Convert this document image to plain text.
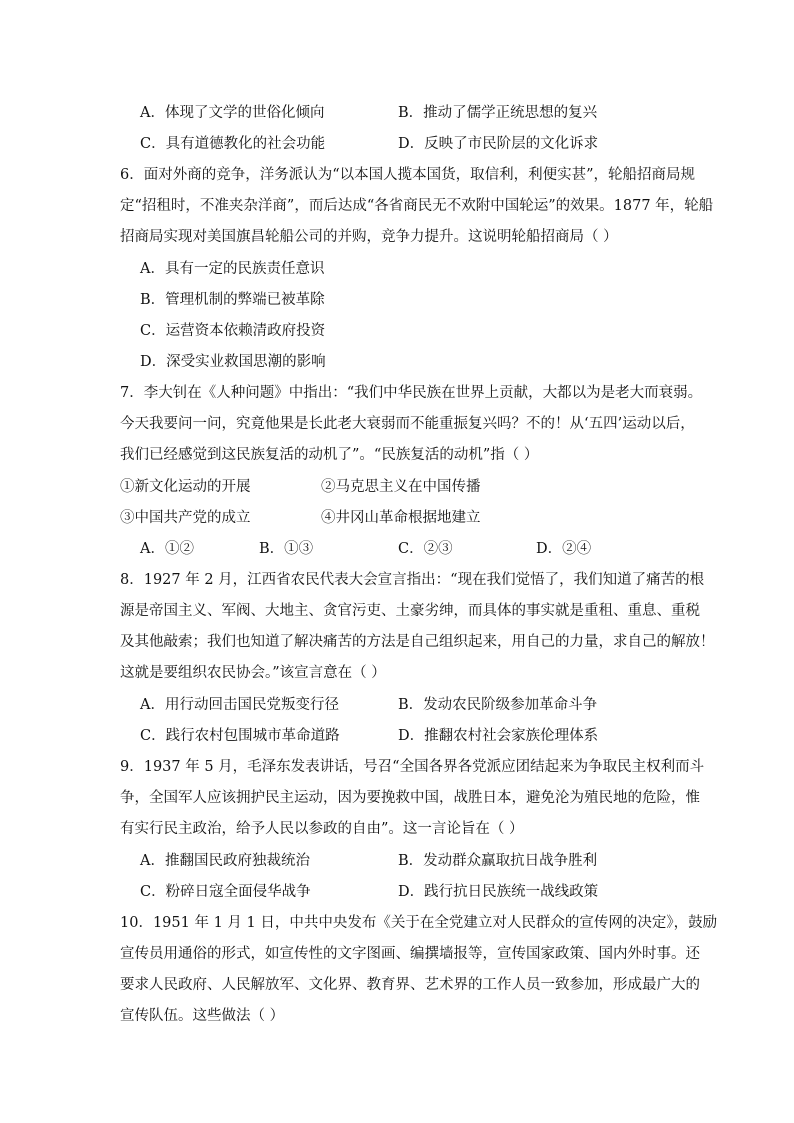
A．体现了文学的世俗化倾向	B．推动了儒学正统思想的复兴
C．具有道德教化的社会功能	D．反映了市民阶层的文化诉求
6．面对外商的竞争，洋务派认为“以本国人揽本国货，取信利，利便实甚”，轮船招商局规
定“招租时，不准夹杂洋商”，而后达成“各省商民无不欢附中国轮运”的效果。1877 年，轮船
招商局实现对美国旗昌轮船公司的并购，竞争力提升。这说明轮船招商局（ ）
A．具有一定的民族责任意识
B．管理机制的弊端已被革除
C．运营资本依赖清政府投资
D．深受实业救国思潮的影响
7．李大钊在《人种问题》中指出：“我们中华民族在世界上贡献，大都以为是老大而衰弱。
今天我要问一问，究竟他果是长此老大衰弱而不能重振复兴吗？不的！从‘五四’运动以后，
我们已经感觉到这民族复活的动机了”。“民族复活的动机”指（ ）
①新文化运动的开展	②马克思主义在中国传播
③中国共产党的成立	④井冈山革命根据地建立
A．①②	B．①③	C．②③	D．②④
8．1927 年 2 月，江西省农民代表大会宣言指出：“现在我们觉悟了，我们知道了痛苦的根
源是帝国主义、军阀、大地主、贪官污吏、土豪劣绅，而具体的事实就是重租、重息、重税
及其他敲索；我们也知道了解决痛苦的方法是自己组织起来，用自己的力量，求自己的解放！
这就是要组织农民协会。”该宣言意在（ ）
A．用行动回击国民党叛变行径	B．发动农民阶级参加革命斗争
C．践行农村包围城市革命道路	D．推翻农村社会家族伦理体系
9．1937 年 5 月，毛泽东发表讲话，号召“全国各界各党派应团结起来为争取民主权利而斗
争，全国军人应该拥护民主运动，因为要挽救中国，战胜日本，避免沦为殖民地的危险，惟
有实行民主政治，给予人民以参政的自由”。这一言论旨在（ ）
A．推翻国民政府独裁统治	B．发动群众赢取抗日战争胜利
C．粉碎日寇全面侵华战争	D．践行抗日民族统一战线政策
10．1951 年 1 月 1 日，中共中央发布《关于在全党建立对人民群众的宣传网的决定》，鼓励
宣传员用通俗的形式，如宣传性的文字图画、编撰墙报等，宣传国家政策、国内外时事。还
要求人民政府、人民解放军、文化界、教育界、艺术界的工作人员一致参加，形成最广大的
宣传队伍。这些做法（ ）
